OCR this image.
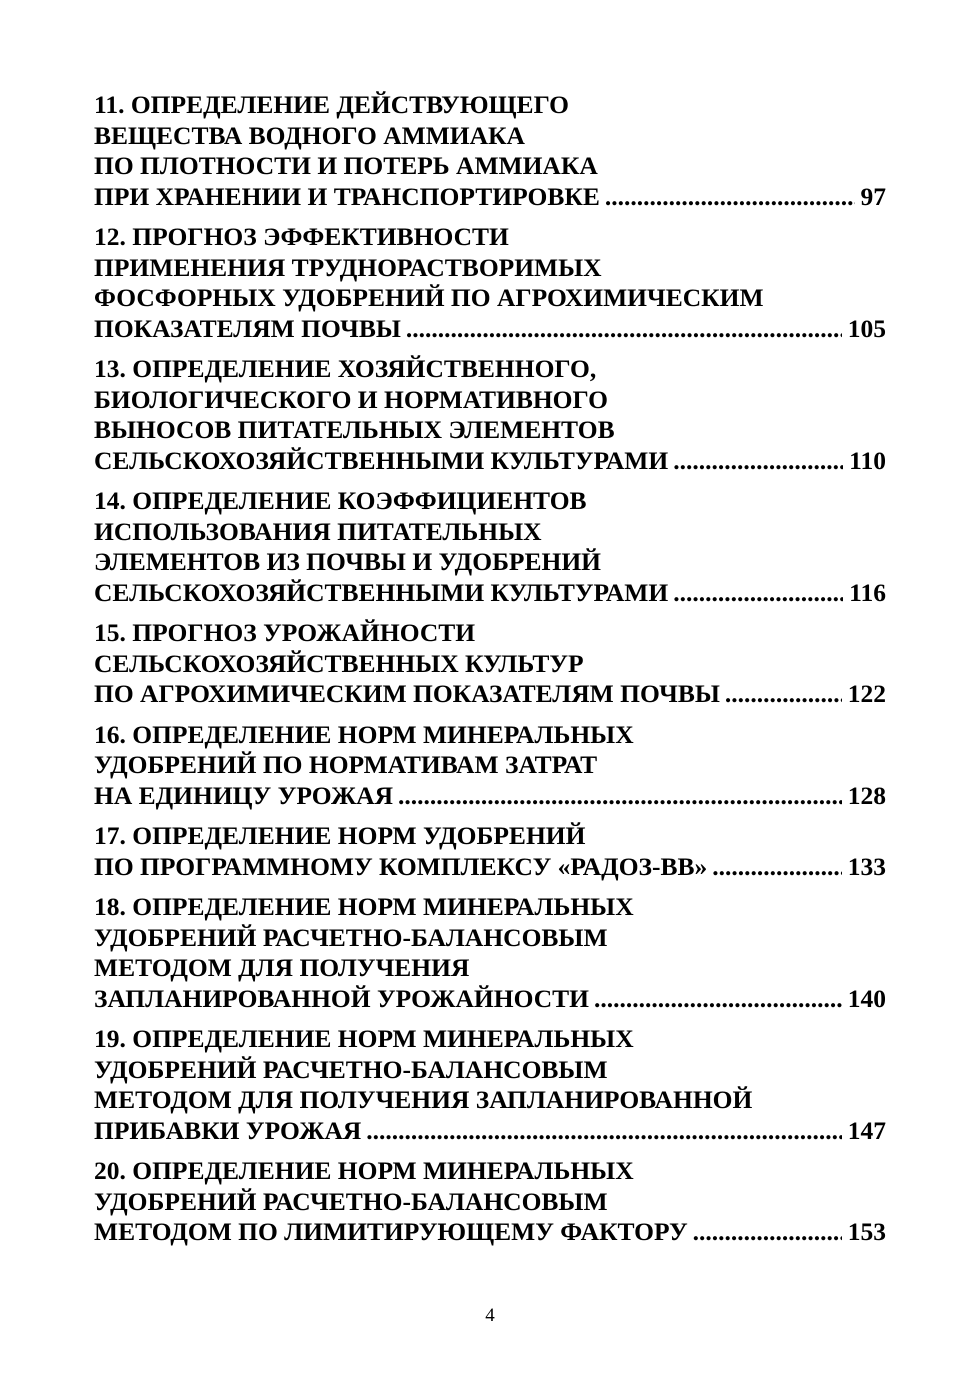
11. ОПРЕДЕЛЕНИЕ ДЕЙСТВУЮЩЕГО
ВЕЩЕСТВА ВОДНОГО АММИАКА
ПО ПЛОТНОСТИ И ПОТЕРЬ АММИАКА
ПРИ ХРАНЕНИИ И ТРАНСПОРТИРОВКЕ .....	97
12. ПРОГНОЗ ЭФФЕКТИВНОСТИ
ПРИМЕНЕНИЯ ТРУДНОРАСТВОРИМЫХ
ФОСФОРНЫХ УДОБРЕНИЙ ПО АГРОХИМИЧЕСКИМ
ПОКАЗАТЕЛЯМ ПОЧВЫ .....	105
13. ОПРЕДЕЛЕНИЕ ХОЗЯЙСТВЕННОГО,
БИОЛОГИЧЕСКОГО И НОРМАТИВНОГО
ВЫНОСОВ ПИТАТЕЛЬНЫХ ЭЛЕМЕНТОВ
СЕЛЬСКОХОЗЯЙСТВЕННЫМИ КУЛЬТУРАМИ .....	110
14. ОПРЕДЕЛЕНИЕ КОЭФФИЦИЕНТОВ
ИСПОЛЬЗОВАНИЯ ПИТАТЕЛЬНЫХ
ЭЛЕМЕНТОВ ИЗ ПОЧВЫ И УДОБРЕНИЙ
СЕЛЬСКОХОЗЯЙСТВЕННЫМИ КУЛЬТУРАМИ .....	116
15. ПРОГНОЗ УРОЖАЙНОСТИ
СЕЛЬСКОХОЗЯЙСТВЕННЫХ КУЛЬТУР
ПО АГРОХИМИЧЕСКИМ ПОКАЗАТЕЛЯМ ПОЧВЫ .....	122
16. ОПРЕДЕЛЕНИЕ НОРМ МИНЕРАЛЬНЫХ
УДОБРЕНИЙ ПО НОРМАТИВАМ ЗАТРАТ
НА ЕДИНИЦУ УРОЖАЯ .....	128
17. ОПРЕДЕЛЕНИЕ НОРМ УДОБРЕНИЙ
ПО ПРОГРАММНОМУ КОМПЛЕКСУ «РАДОЗ-ВВ» .....	133
18. ОПРЕДЕЛЕНИЕ НОРМ МИНЕРАЛЬНЫХ
УДОБРЕНИЙ РАСЧЕТНО-БАЛАНСОВЫМ
МЕТОДОМ ДЛЯ ПОЛУЧЕНИЯ
ЗАПЛАНИРОВАННОЙ УРОЖАЙНОСТИ .....	140
19. ОПРЕДЕЛЕНИЕ НОРМ МИНЕРАЛЬНЫХ
УДОБРЕНИЙ РАСЧЕТНО-БАЛАНСОВЫМ
МЕТОДОМ ДЛЯ ПОЛУЧЕНИЯ ЗАПЛАНИРОВАННОЙ
ПРИБАВКИ УРОЖАЯ .....	147
20. ОПРЕДЕЛЕНИЕ НОРМ МИНЕРАЛЬНЫХ
УДОБРЕНИЙ РАСЧЕТНО-БАЛАНСОВЫМ
МЕТОДОМ ПО ЛИМИТИРУЮЩЕМУ ФАКТОРУ .....	153
4
